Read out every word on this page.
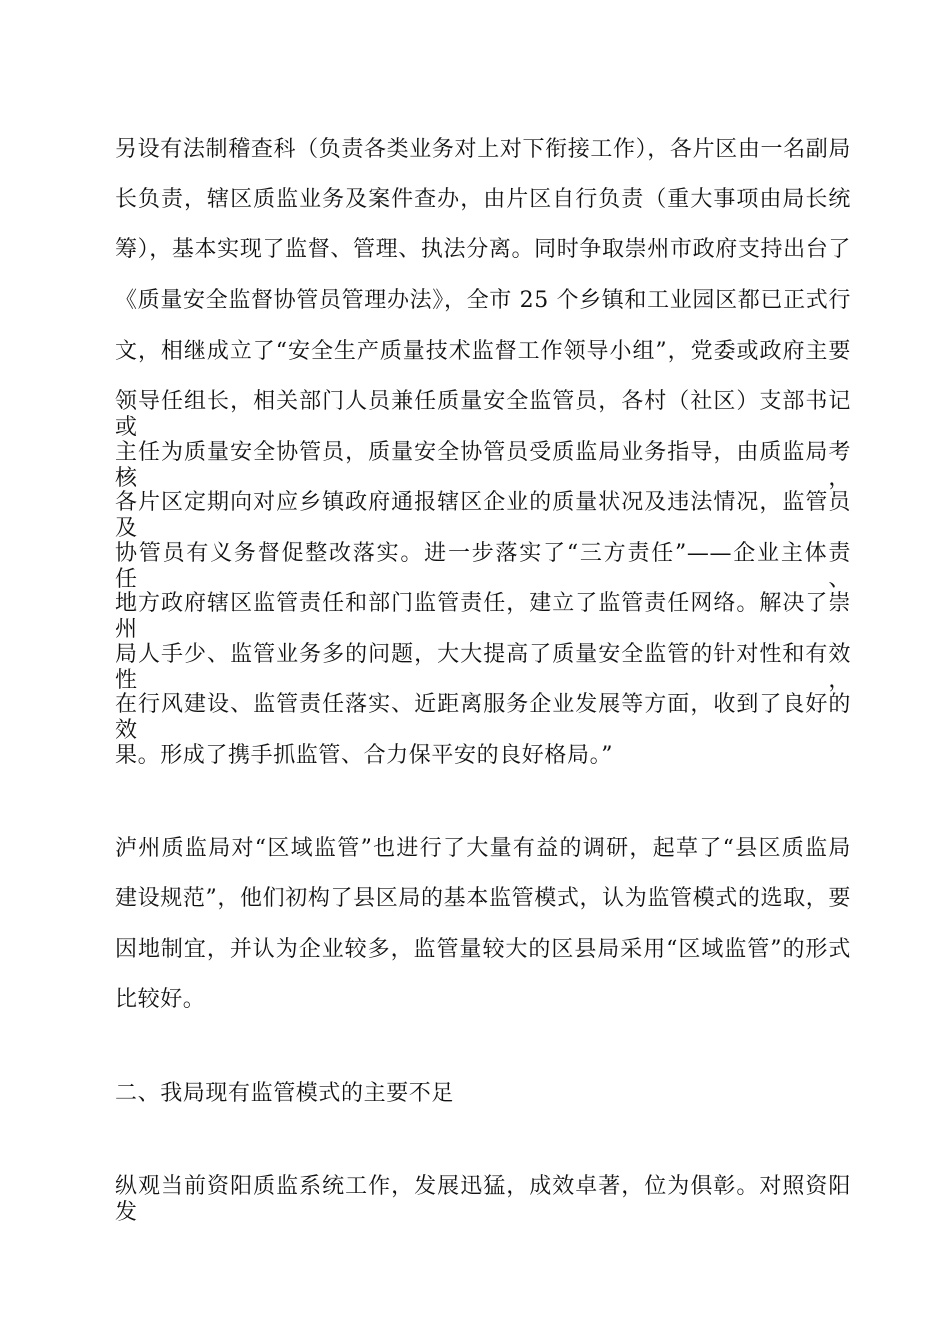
另设有法制稽查科（负责各类业务对上对下衔接工作），各片区由一名副局
长负责，辖区质监业务及案件查办，由片区自行负责（重大事项由局长统
筹），基本实现了监督、管理、执法分离。同时争取崇州市政府支持出台了
《质量安全监督协管员管理办法》，全市 25 个乡镇和工业园区都已正式行
文，相继成立了“安全生产质量技术监督工作领导小组”，党委或政府主要
领导任组长，相关部门人员兼任质量安全监管员，各村（社区）支部书记或
主任为质量安全协管员，质量安全协管员受质监局业务指导，由质监局考核，
各片区定期向对应乡镇政府通报辖区企业的质量状况及违法情况，监管员及
协管员有义务督促整改落实。进一步落实了“三方责任”——企业主体责任、
地方政府辖区监管责任和部门监管责任，建立了监管责任网络。解决了崇州
局人手少、监管业务多的问题，大大提高了质量安全监管的针对性和有效性，
在行风建设、监管责任落实、近距离服务企业发展等方面，收到了良好的效
果。形成了携手抓监管、合力保平安的良好格局。”
泸州质监局对“区域监管”也进行了大量有益的调研，起草了“县区质监局
建设规范”，他们初构了县区局的基本监管模式，认为监管模式的选取，要
因地制宜，并认为企业较多，监管量较大的区县局采用“区域监管”的形式
比较好。
二、我局现有监管模式的主要不足
纵观当前资阳质监系统工作，发展迅猛，成效卓著，位为俱彰。对照资阳发
